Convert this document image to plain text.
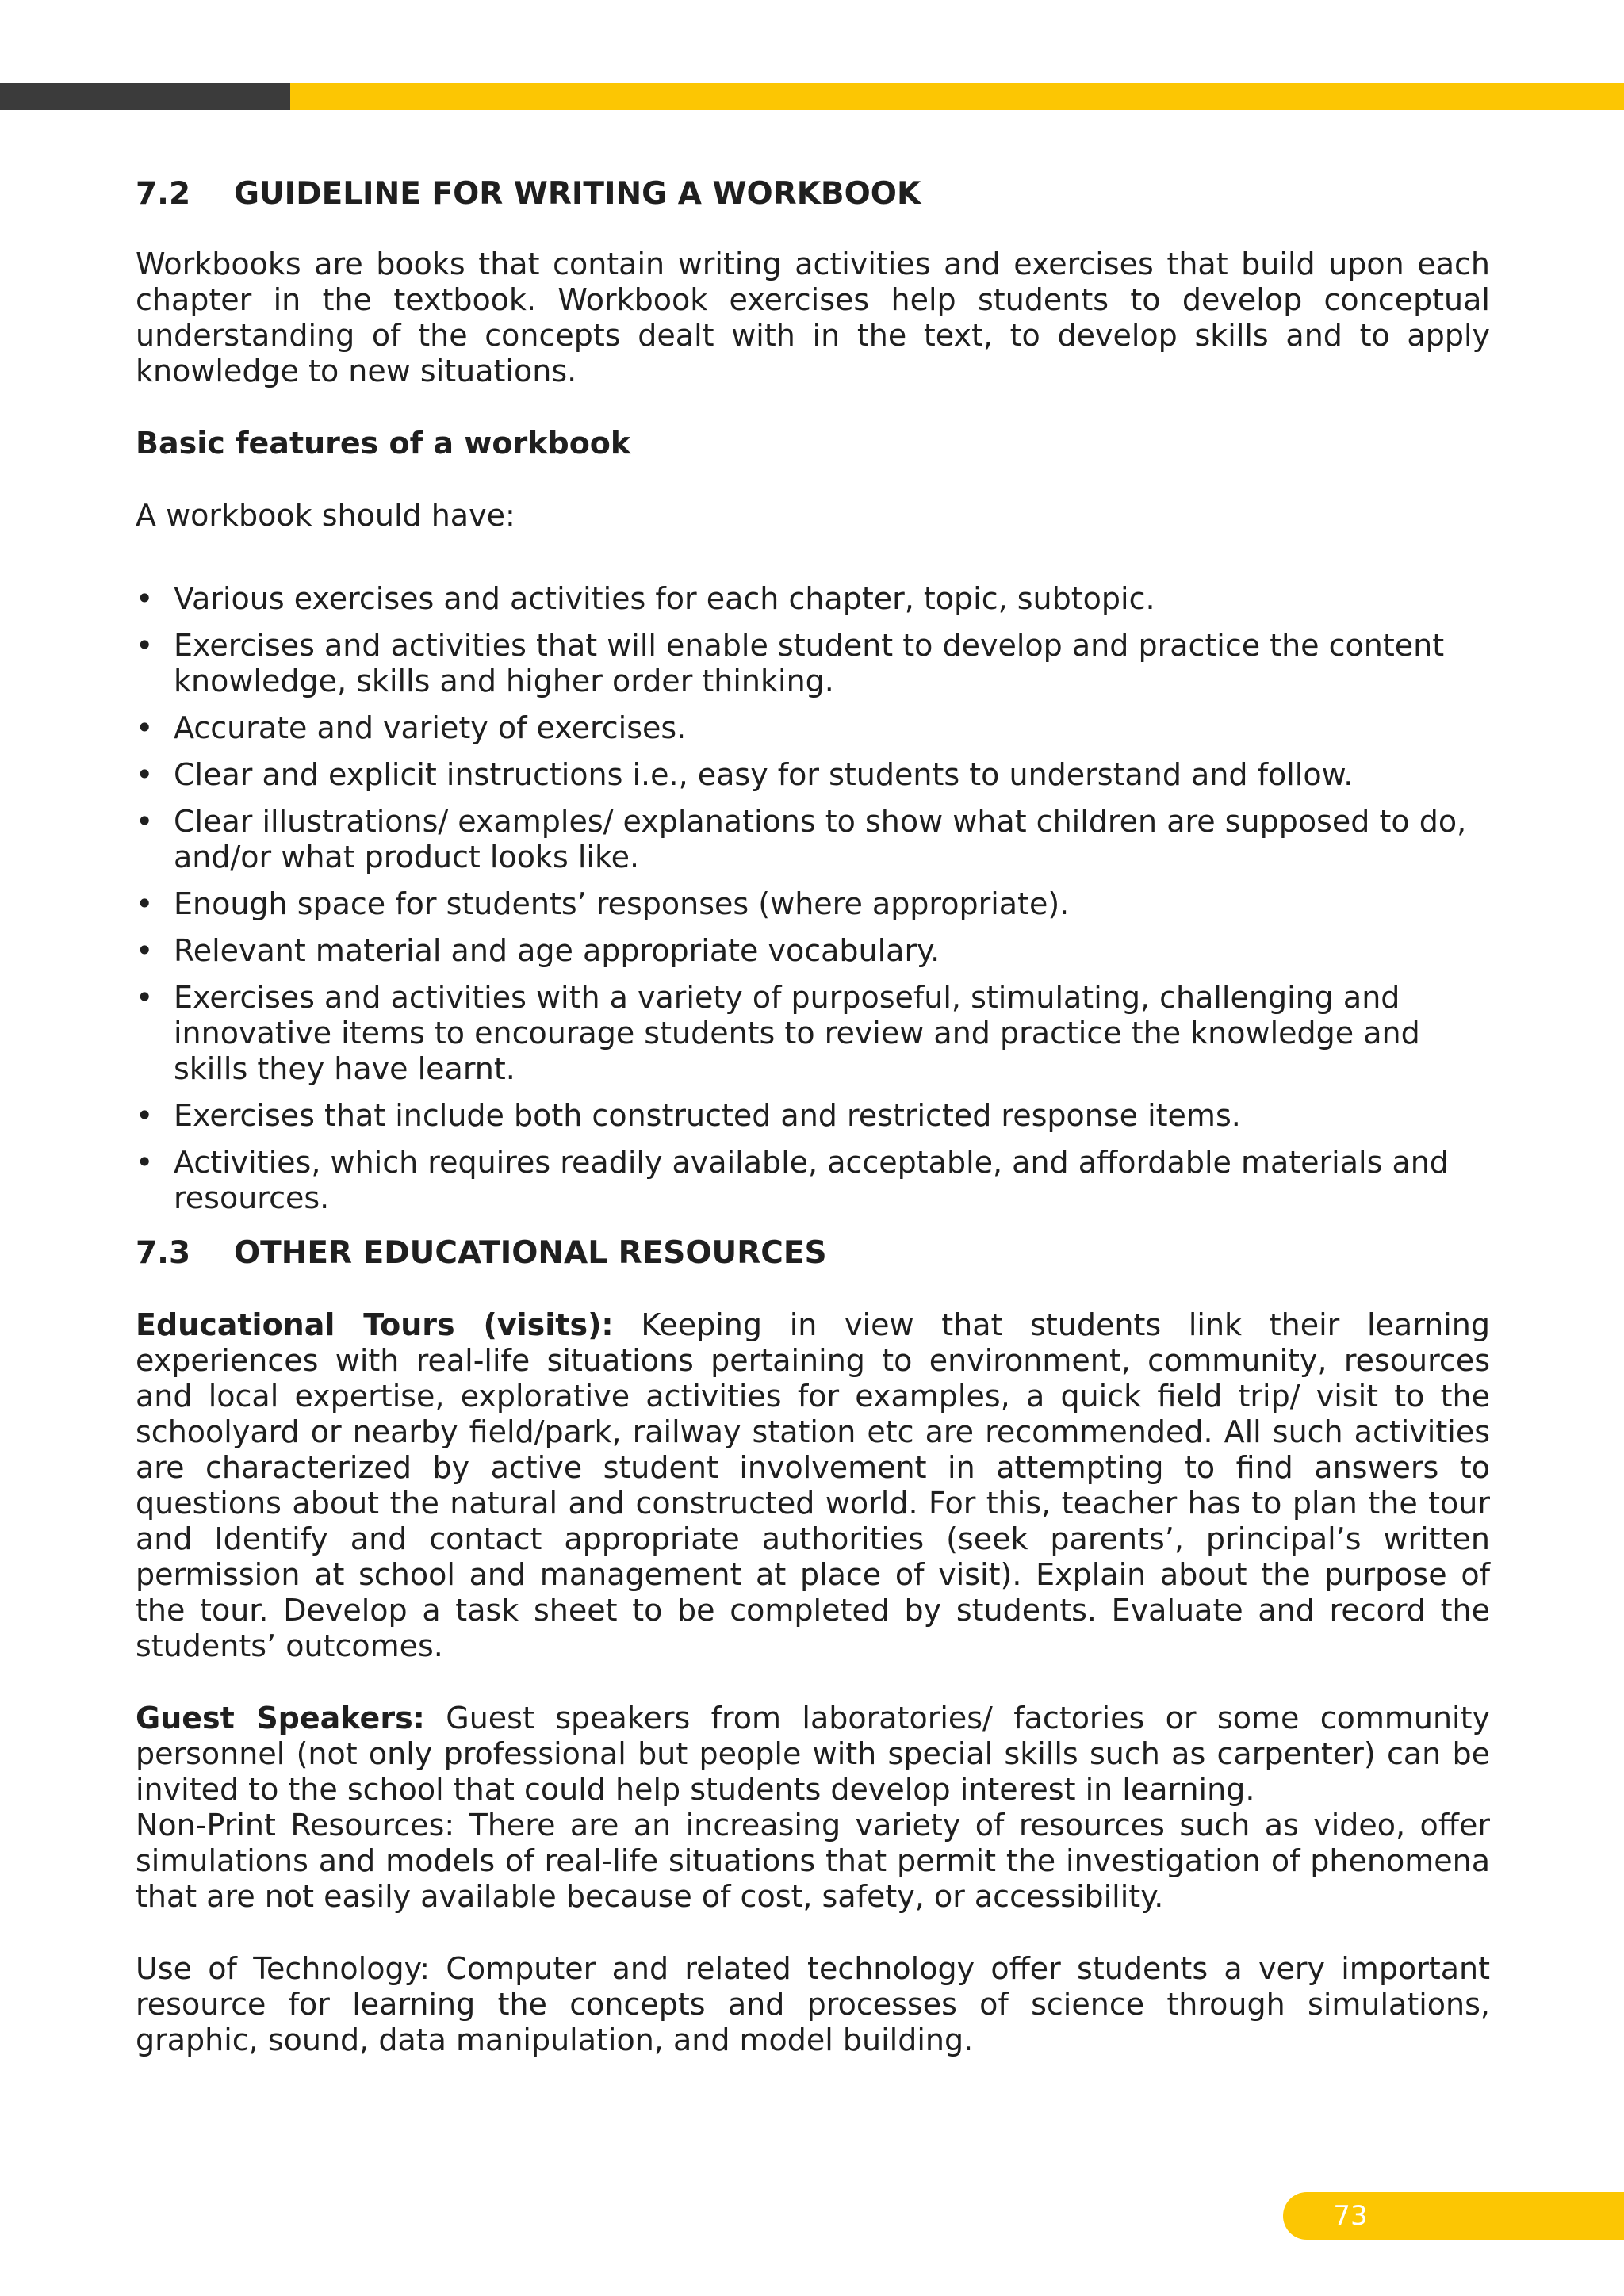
7.2	GUIDELINE FOR WRITING A WORKBOOK

Workbooks are books that contain writing activities and exercises that build upon each chapter in the textbook. Workbook exercises help students to develop conceptual understanding of the concepts dealt with in the text, to develop skills and to apply knowledge to new situations.

Basic features of a workbook

A workbook should have:

• Various exercises and activities for each chapter, topic, subtopic.
• Exercises and activities that will enable student to develop and practice the content knowledge, skills and higher order thinking.
• Accurate and variety of exercises.
• Clear and explicit instructions i.e., easy for students to understand and follow.
• Clear illustrations/ examples/ explanations to show what children are supposed to do, and/or what product looks like.
• Enough space for students’ responses (where appropriate).
• Relevant material and age appropriate vocabulary.
• Exercises and activities with a variety of purposeful, stimulating, challenging and innovative items to encourage students to review and practice the knowledge and skills they have learnt.
• Exercises that include both constructed and restricted response items.
• Activities, which requires readily available, acceptable, and affordable materials and resources.
7.3	OTHER EDUCATIONAL RESOURCES

Educational Tours (visits): Keeping in view that students link their learning experiences with real-life situations pertaining to environment, community, resources and local expertise, explorative activities for examples, a quick field trip/ visit to the schoolyard or nearby field/park, railway station etc are recommended. All such activities are characterized by active student involvement in attempting to find answers to questions about the natural and constructed world. For this, teacher has to plan the tour and Identify and contact appropriate authorities (seek parents’, principal’s written permission at school and management at place of visit). Explain about the purpose of the tour. Develop a task sheet to be completed by students. Evaluate and record the students’ outcomes.

Guest Speakers: Guest speakers from laboratories/ factories or some community personnel (not only professional but people with special skills such as carpenter) can be invited to the school that could help students develop interest in learning.

Non-Print Resources: There are an increasing variety of resources such as video, offer simulations and models of real-life situations that permit the investigation of phenomena that are not easily available because of cost, safety, or accessibility.

Use of Technology: Computer and related technology offer students a very important resource for learning the concepts and processes of science through simulations, graphic, sound, data manipulation, and model building.

73
